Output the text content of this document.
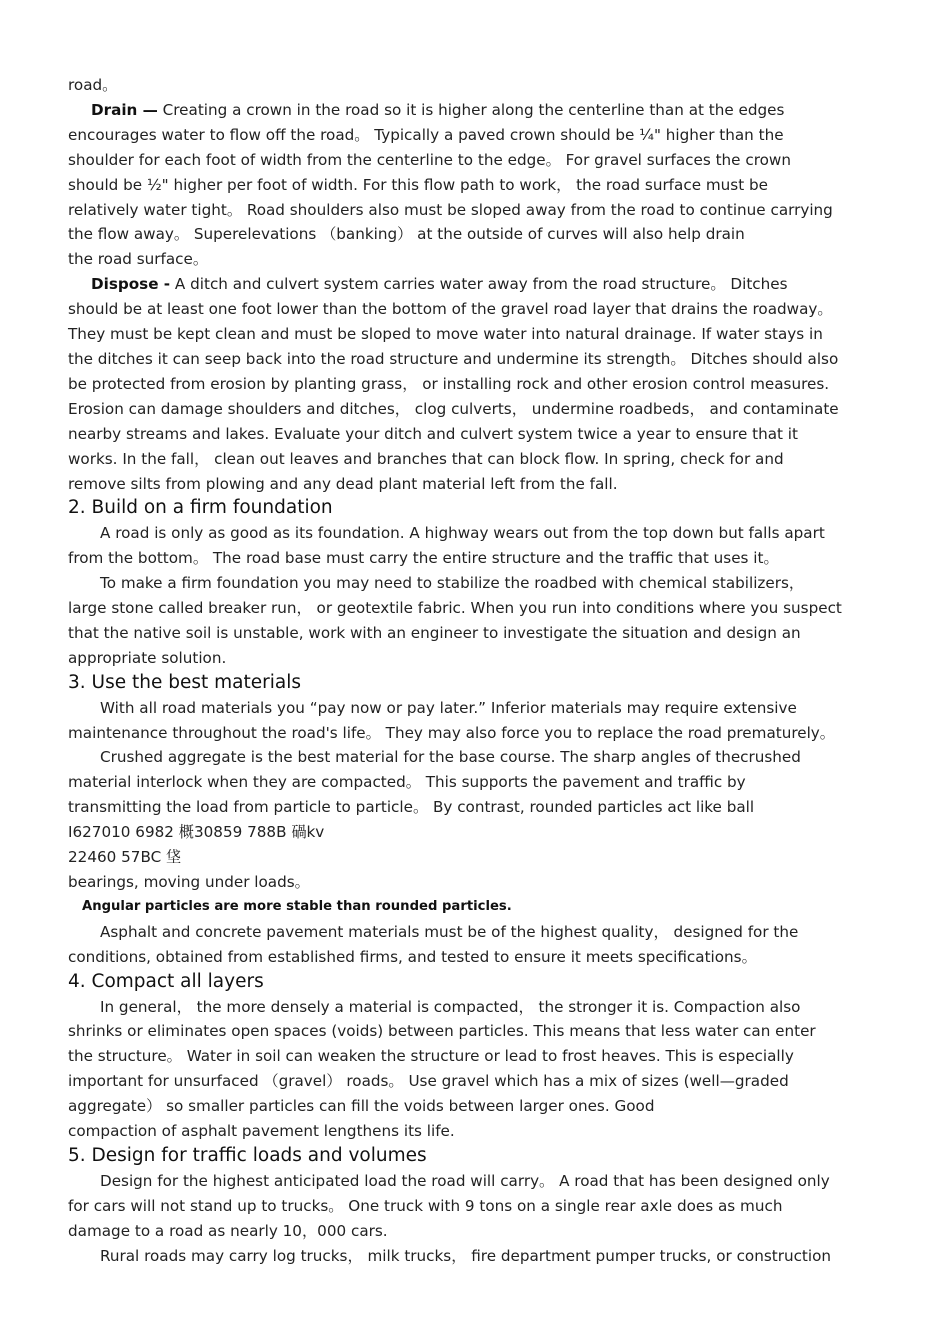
road。
Drain — Creating a crown in the road so it is higher along the centerline than at the edges
encourages water to flow off the road。 Typically a paved crown should be ¼" higher than the
shoulder for each foot of width from the centerline to the edge。 For gravel surfaces the crown
should be ½" higher per foot of width. For this flow path to work， the road surface must be
relatively water tight。 Road shoulders also must be sloped away from the road to continue carrying
the flow away。 Superelevations （banking） at the outside of curves will also help drain
the road surface。
Dispose - A ditch and culvert system carries water away from the road structure。 Ditches
should be at least one foot lower than the bottom of the gravel road layer that drains the roadway。
They must be kept clean and must be sloped to move water into natural drainage. If water stays in
the ditches it can seep back into the road structure and undermine its strength。 Ditches should also
be protected from erosion by planting grass， or installing rock and other erosion control measures.
Erosion can damage shoulders and ditches， clog culverts， undermine roadbeds， and contaminate
nearby streams and lakes. Evaluate your ditch and culvert system twice a year to ensure that it
works. In the fall， clean out leaves and branches that can block flow. In spring, check for and
remove silts from plowing and any dead plant material left from the fall.
2. Build on a firm foundation
A road is only as good as its foundation. A highway wears out from the top down but falls apart
from the bottom。 The road base must carry the entire structure and the traffic that uses it。
To make a firm foundation you may need to stabilize the roadbed with chemical stabilizers，
large stone called breaker run， or geotextile fabric. When you run into conditions where you suspect
that the native soil is unstable, work with an engineer to investigate the situation and design an
appropriate solution.
3. Use the best materials
With all road materials you “pay now or pay later.” Inferior materials may require extensive
maintenance throughout the road's life。 They may also force you to replace the road prematurely。
Crushed aggregate is the best material for the base course. The sharp angles of thecrushed
material interlock when they are compacted。 This supports the pavement and traffic by
transmitting the load from particle to particle。 By contrast, rounded particles act like ball
I627010 6982 概30859 788B 碢kv
22460 57BC 垡
bearings, moving under loads。
Angular particles are more stable than rounded particles.
Asphalt and concrete pavement materials must be of the highest quality， designed for the
conditions, obtained from established firms, and tested to ensure it meets specifications。
4. Compact all layers
In general， the more densely a material is compacted， the stronger it is. Compaction also
shrinks or eliminates open spaces (voids) between particles. This means that less water can enter
the structure。 Water in soil can weaken the structure or lead to frost heaves. This is especially
important for unsurfaced （gravel） roads。 Use gravel which has a mix of sizes (well—graded
aggregate） so smaller particles can fill the voids between larger ones. Good
compaction of asphalt pavement lengthens its life.
5. Design for traffic loads and volumes
Design for the highest anticipated load the road will carry。 A road that has been designed only
for cars will not stand up to trucks。 One truck with 9 tons on a single rear axle does as much
damage to a road as nearly 10，000 cars.
Rural roads may carry log trucks， milk trucks， fire department pumper trucks, or construction
